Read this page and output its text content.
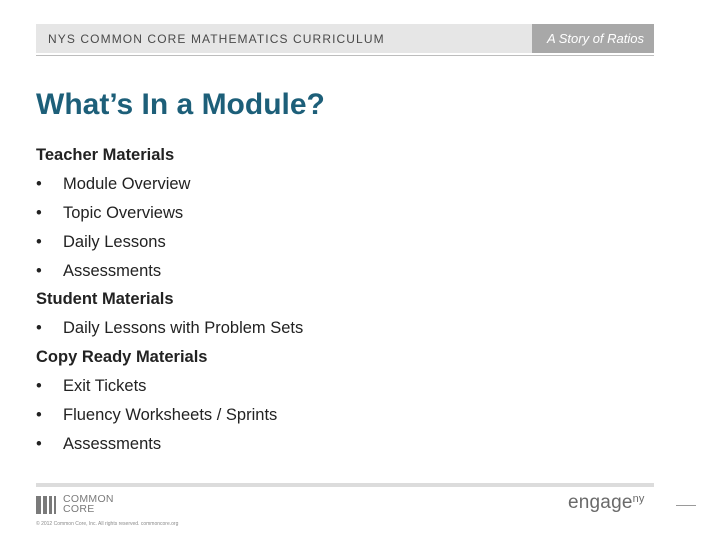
NYS COMMON CORE MATHEMATICS CURRICULUM	A Story of Ratios
What’s In a Module?
Teacher Materials
• Module Overview
• Topic Overviews
• Daily Lessons
• Assessments
Student Materials
• Daily Lessons with Problem Sets
Copy Ready Materials
• Exit Tickets
• Fluency Worksheets / Sprints
• Assessments
COMMON
CORE
© 2012 Common Core, Inc. All rights reserved. commoncore.org
engage$^{ny}$
